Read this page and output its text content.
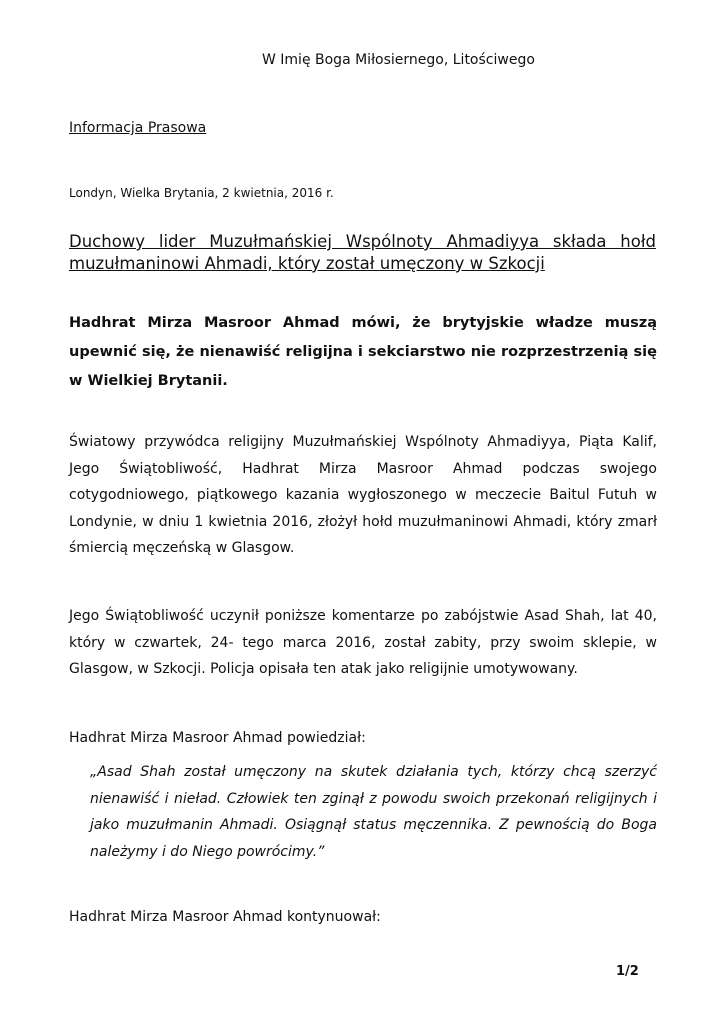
W Imię Boga Miłosiernego, Litościwego
Informacja Prasowa
Londyn, Wielka Brytania, 2 kwietnia, 2016 r.
Duchowy lider Muzułmańskiej Wspólnoty Ahmadiyya składa hołd muzułmaninowi Ahmadi, który został umęczony w Szkocji
Hadhrat Mirza Masroor Ahmad mówi, że brytyjskie władze muszą upewnić się, że nienawiść religijna i sekciarstwo nie rozprzestrzenią się w Wielkiej Brytanii.
Światowy przywódca religijny Muzułmańskiej Wspólnoty Ahmadiyya, Piąta Kalif, Jego Świątobliwość, Hadhrat Mirza Masroor Ahmad podczas swojego cotygodniowego, piątkowego kazania wygłoszonego w meczecie Baitul Futuh w Londynie, w dniu 1 kwietnia 2016, złożył hołd muzułmaninowi Ahmadi, który zmarł śmiercią męczeńską w Glasgow.
Jego Świątobliwość uczynił poniższe komentarze po zabójstwie Asad Shah, lat 40, który w czwartek, 24- tego marca 2016, został zabity, przy swoim sklepie, w Glasgow, w Szkocji. Policja opisała ten atak jako religijnie umotywowany.
Hadhrat Mirza Masroor Ahmad powiedział:
„Asad Shah został umęczony na skutek działania tych, którzy chcą szerzyć nienawiść i nieład. Człowiek ten zginął z powodu swoich przekonań religijnych i jako muzułmanin Ahmadi. Osiągnął status męczennika. Z pewnością do Boga należymy i do Niego powrócimy.”
Hadhrat Mirza Masroor Ahmad kontynuował:
1/2
